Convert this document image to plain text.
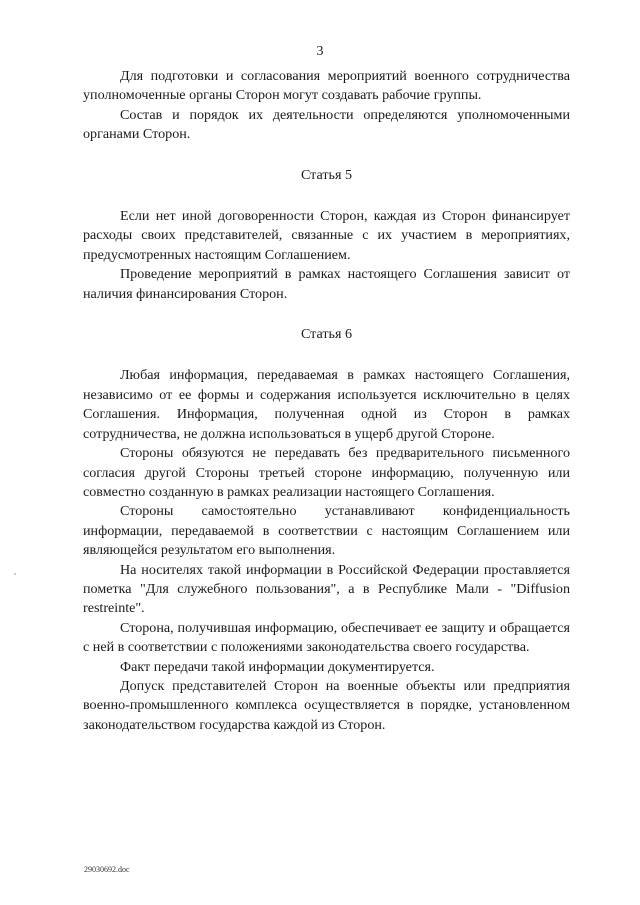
3

Для подготовки и согласования мероприятий военного сотрудничества уполномоченные органы Сторон могут создавать рабочие группы.

Состав и порядок их деятельности определяются уполномоченными органами Сторон.

Статья 5

Если нет иной договоренности Сторон, каждая из Сторон финансирует расходы своих представителей, связанные с их участием в мероприятиях, предусмотренных настоящим Соглашением.

Проведение мероприятий в рамках настоящего Соглашения зависит от наличия финансирования Сторон.

Статья 6

Любая информация, передаваемая в рамках настоящего Соглашения, независимо от ее формы и содержания используется исключительно в целях Соглашения. Информация, полученная одной из Сторон в рамках сотрудничества, не должна использоваться в ущерб другой Стороне.

Стороны обязуются не передавать без предварительного письменного согласия другой Стороны третьей стороне информацию, полученную или совместно созданную в рамках реализации настоящего Соглашения.

Стороны самостоятельно устанавливают конфиденциальность информации, передаваемой в соответствии с настоящим Соглашением или являющейся результатом его выполнения.

На носителях такой информации в Российской Федерации проставляется пометка "Для служебного пользования", а в Республике Мали - "Diffusion restreinte".

Сторона, получившая информацию, обеспечивает ее защиту и обращается с ней в соответствии с положениями законодательства своего государства.

Факт передачи такой информации документируется.

Допуск представителей Сторон на военные объекты или предприятия военно-промышленного комплекса осуществляется в порядке, установленном законодательством государства каждой из Сторон.

29030692.doc
